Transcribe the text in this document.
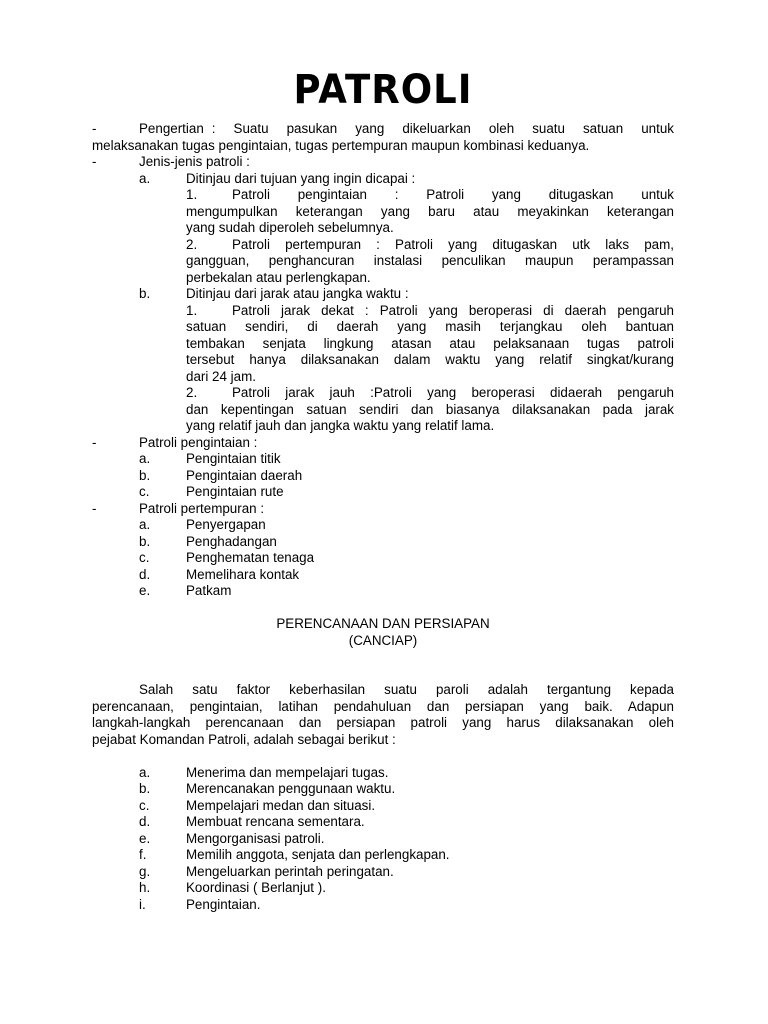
PATROLI
-	Pengertian : Suatu pasukan yang dikeluarkan oleh suatu satuan untuk
melaksanakan tugas pengintaian, tugas pertempuran maupun kombinasi keduanya.
-	Jenis-jenis patroli :
a.	Ditinjau dari tujuan yang ingin dicapai :
1.	Patroli pengintaian : Patroli yang ditugaskan untuk
mengumpulkan keterangan yang baru atau meyakinkan keterangan
yang sudah diperoleh sebelumnya.
2.	Patroli pertempuran : Patroli yang ditugaskan utk laks pam,
gangguan, penghancuran instalasi penculikan maupun perampassan
perbekalan atau perlengkapan.
b.	Ditinjau dari jarak atau jangka waktu :
1.	Patroli jarak dekat : Patroli yang beroperasi di daerah pengaruh
satuan sendiri, di daerah yang masih terjangkau oleh bantuan
tembakan senjata lingkung atasan atau pelaksanaan tugas patroli
tersebut hanya dilaksanakan dalam waktu yang relatif singkat/kurang
dari 24 jam.
2.	Patroli jarak jauh :Patroli yang beroperasi didaerah pengaruh
dan kepentingan satuan sendiri dan biasanya dilaksanakan pada jarak
yang relatif jauh dan jangka waktu yang relatif lama.
-	Patroli pengintaian :
a.	Pengintaian titik
b.	Pengintaian daerah
c.	Pengintaian rute
-	Patroli pertempuran :
a.	Penyergapan
b.	Penghadangan
c.	Penghematan tenaga
d.	Memelihara kontak
e.	Patkam
PERENCANAAN DAN PERSIAPAN
(CANCIAP)
Salah satu faktor keberhasilan suatu paroli adalah tergantung kepada
perencanaan, pengintaian, latihan pendahuluan dan persiapan yang baik. Adapun
langkah-langkah perencanaan dan persiapan patroli yang harus dilaksanakan oleh
pejabat Komandan Patroli, adalah sebagai berikut :
a.	Menerima dan mempelajari tugas.
b.	Merencanakan penggunaan waktu.
c.	Mempelajari medan dan situasi.
d.	Membuat rencana sementara.
e.	Mengorganisasi patroli.
f.	Memilih anggota, senjata dan perlengkapan.
g.	Mengeluarkan perintah peringatan.
h.	Koordinasi ( Berlanjut ).
i.	Pengintaian.
